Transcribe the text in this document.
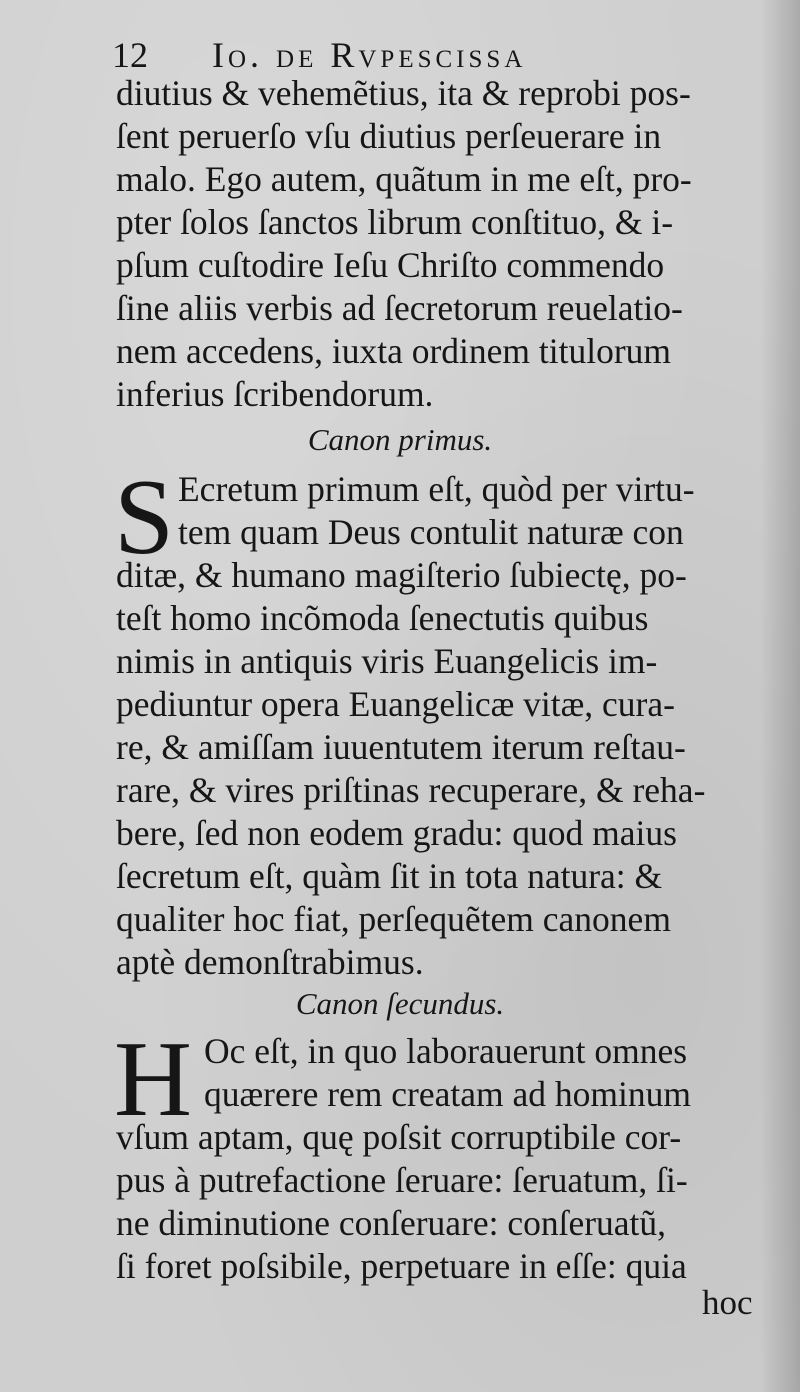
12 Io. de Rvpescissa
diutius & vehemẽtius, ita & reprobi pos-
ſent peruerſo vſu diutius perſeuerare in
malo. Ego autem, quãtum in me eſt, pro-
pter ſolos ſanctos librum conſtituo, & i-
pſum cuſtodire Ieſu Chriſto commendo
ſine aliis verbis ad ſecretorum reuelatio-
nem accedens, iuxta ordinem titulorum
inferius ſcribendorum.
Canon primus.
S Ecretum primum eſt, quòd per virtu-
tem quam Deus contulit naturæ con
ditæ, & humano magiſterio ſubiectę, po-
teſt homo incõmoda ſenectutis quibus
nimis in antiquis viris Euangelicis im-
pediuntur opera Euangelicæ vitæ, cura-
re, & amiſſam iuuentutem iterum reſtau-
rare, & vires priſtinas recuperare, & reha-
bere, ſed non eodem gradu: quod maius
ſecretum eſt, quàm ſit in tota natura: &
qualiter hoc fiat, perſequẽtem canonem
aptè demonſtrabimus.
Canon ſecundus.
H Oc eſt, in quo laborauerunt omnes
quærere rem creatam ad hominum
vſum aptam, quę poſsit corruptibile cor-
pus à putrefactione ſeruare: ſeruatum, ſi-
ne diminutione conſeruare: conſeruatũ,
ſi foret poſsibile, perpetuare in eſſe: quia
hoc
